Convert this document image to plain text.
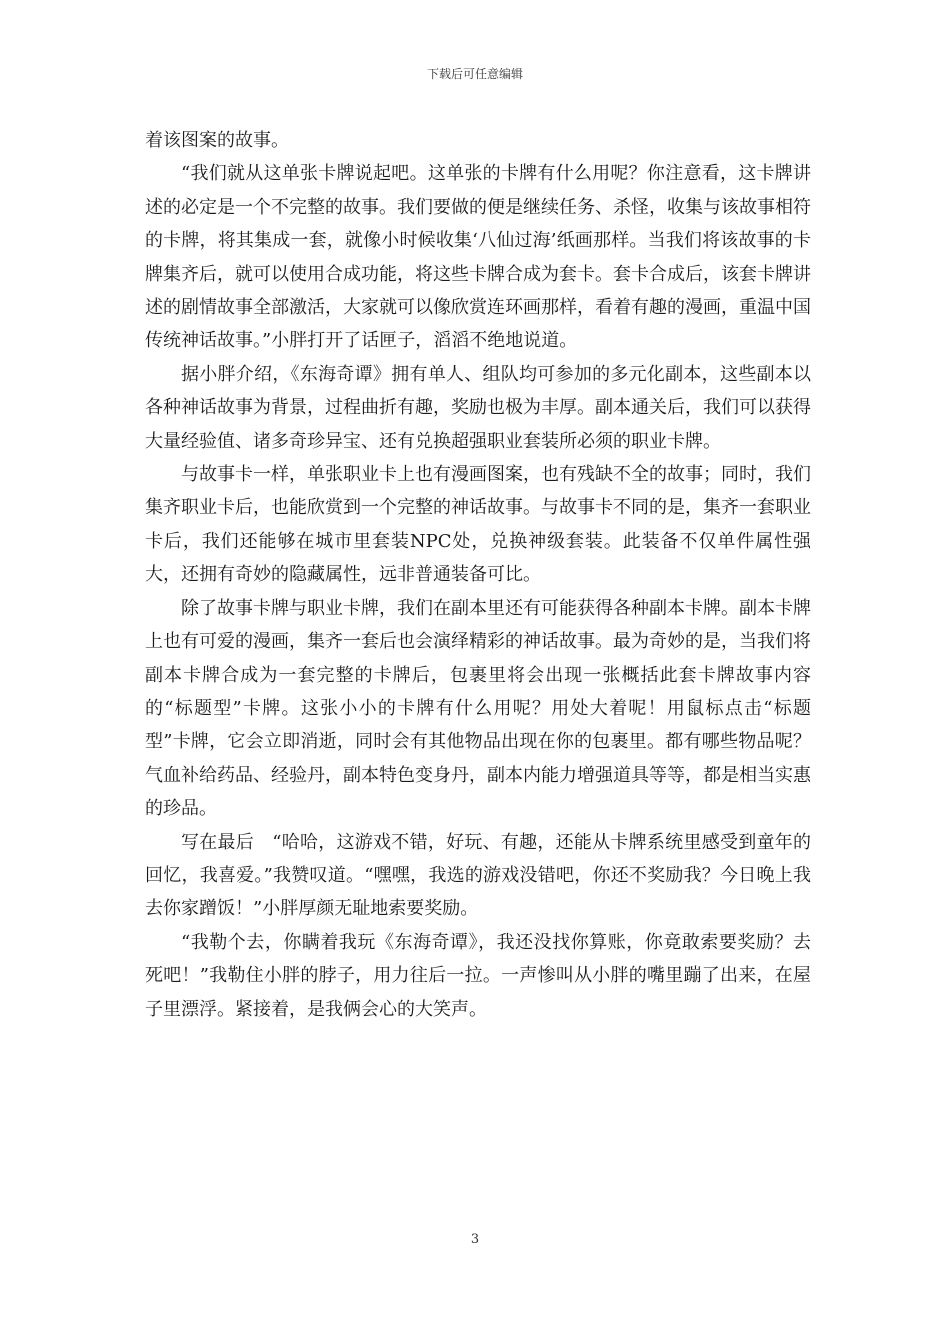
下载后可任意编辑

着该图案的故事。

“我们就从这单张卡牌说起吧。这单张的卡牌有什么用呢？你注意看，这卡牌讲述的必定是一个不完整的故事。我们要做的便是继续任务、杀怪，收集与该故事相符的卡牌，将其集成一套，就像小时候收集‘八仙过海’纸画那样。当我们将该故事的卡牌集齐后，就可以使用合成功能，将这些卡牌合成为套卡。套卡合成后，该套卡牌讲述的剧情故事全部激活，大家就可以像欣赏连环画那样，看着有趣的漫画，重温中国传统神话故事。”小胖打开了话匣子，滔滔不绝地说道。

据小胖介绍，《东海奇谭》拥有单人、组队均可参加的多元化副本，这些副本以各种神话故事为背景，过程曲折有趣，奖励也极为丰厚。副本通关后，我们可以获得大量经验值、诸多奇珍异宝、还有兑换超强职业套装所必须的职业卡牌。

与故事卡一样，单张职业卡上也有漫画图案，也有残缺不全的故事；同时，我们集齐职业卡后，也能欣赏到一个完整的神话故事。与故事卡不同的是，集齐一套职业卡后，我们还能够在城市里套装NPC处，兑换神级套装。此装备不仅单件属性强大，还拥有奇妙的隐藏属性，远非普通装备可比。

除了故事卡牌与职业卡牌，我们在副本里还有可能获得各种副本卡牌。副本卡牌上也有可爱的漫画，集齐一套后也会演绎精彩的神话故事。最为奇妙的是，当我们将副本卡牌合成为一套完整的卡牌后，包裹里将会出现一张概括此套卡牌故事内容的“标题型”卡牌。这张小小的卡牌有什么用呢？用处大着呢！用鼠标点击“标题型”卡牌，它会立即消逝，同时会有其他物品出现在你的包裹里。都有哪些物品呢？气血补给药品、经验丹，副本特色变身丹，副本内能力增强道具等等，都是相当实惠的珍品。

写在最后　“哈哈，这游戏不错，好玩、有趣，还能从卡牌系统里感受到童年的回忆，我喜爱。”我赞叹道。“嘿嘿，我选的游戏没错吧，你还不奖励我？今日晚上我去你家蹭饭！”小胖厚颜无耻地索要奖励。

“我勒个去，你瞒着我玩《东海奇谭》，我还没找你算账，你竟敢索要奖励？去死吧！”我勒住小胖的脖子，用力往后一拉。一声惨叫从小胖的嘴里蹦了出来，在屋子里漂浮。紧接着，是我俩会心的大笑声。

3
